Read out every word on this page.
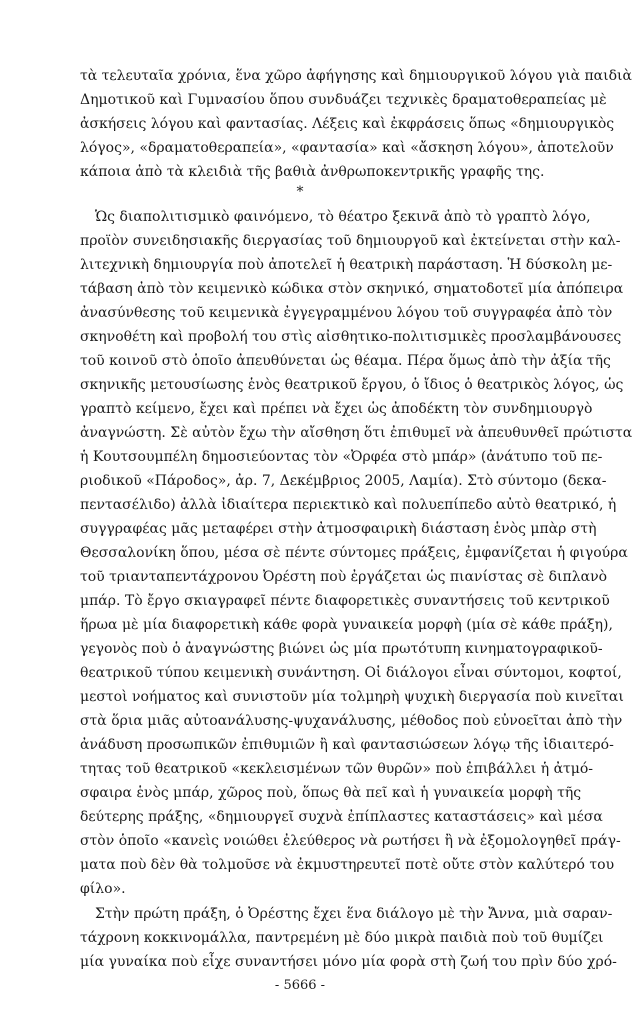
τὰ τελευταῖα χρόνια, ἕνα χῶρο ἀφήγησης καὶ δημιουργικοῦ λόγου γιὰ παιδιὰ
Δημοτικοῦ καὶ Γυμνασίου ὅπου συνδυάζει τεχνικὲς δραματοθεραπείας μὲ
ἀσκήσεις λόγου καὶ φαντασίας. Λέξεις καὶ ἐκφράσεις ὅπως «δημιουργικὸς
λόγος», «δραματοθεραπεία», «φαντασία» καὶ «ἄσκηση λόγου», ἀποτελοῦν
κάποια ἀπὸ τὰ κλειδιὰ τῆς βαθιὰ ἀνθρωποκεντρικῆς γραφῆς της.
*
Ὡς διαπολιτισμικὸ φαινόμενο, τὸ θέατρο ξεκινᾶ ἀπὸ τὸ γραπτὸ λόγο,
προϊὸν συνειδησιακῆς διεργασίας τοῦ δημιουργοῦ καὶ ἐκτείνεται στὴν καλ-
λιτεχνικὴ δημιουργία ποὺ ἀποτελεῖ ἡ θεατρικὴ παράσταση. Ἡ δύσκολη με-
τάβαση ἀπὸ τὸν κειμενικὸ κώδικα στὸν σκηνικό, σηματοδοτεῖ μία ἀπόπειρα
ἀνασύνθεσης τοῦ κειμενικὰ ἐγγεγραμμένου λόγου τοῦ συγγραφέα ἀπὸ τὸν
σκηνοθέτη καὶ προβολή του στὶς αἰσθητικο-πολιτισμικὲς προσλαμβάνουσες
τοῦ κοινοῦ στὸ ὁποῖο ἀπευθύνεται ὡς θέαμα. Πέρα ὅμως ἀπὸ τὴν ἀξία τῆς
σκηνικῆς μετουσίωσης ἑνὸς θεατρικοῦ ἔργου, ὁ ἴδιος ὁ θεατρικὸς λόγος, ὡς
γραπτὸ κείμενο, ἔχει καὶ πρέπει νὰ ἔχει ὡς ἀποδέκτη τὸν συνδημιουργὸ
ἀναγνώστη. Σὲ αὐτὸν ἔχω τὴν αἴσθηση ὅτι ἐπιθυμεῖ νὰ ἀπευθυνθεῖ πρώτιστα
ἡ Κουτσουμπέλη δημοσιεύοντας τὸν «Ὀρφέα στὸ μπάρ» (ἀνάτυπο τοῦ πε-
ριοδικοῦ «Πάροδος», ἀρ. 7, Δεκέμβριος 2005, Λαμία). Στὸ σύντομο (δεκα-
πεντασέλιδο) ἀλλὰ ἰδιαίτερα περιεκτικὸ καὶ πολυεπίπεδο αὐτὸ θεατρικό, ἡ
συγγραφέας μᾶς μεταφέρει στὴν ἀτμοσφαιρικὴ διάσταση ἑνὸς μπὰρ στὴ
Θεσσαλονίκη ὅπου, μέσα σὲ πέντε σύντομες πράξεις, ἐμφανίζεται ἡ φιγούρα
τοῦ τριανταπεντάχρονου Ὀρέστη ποὺ ἐργάζεται ὡς πιανίστας σὲ διπλανὸ
μπάρ. Τὸ ἔργο σκιαγραφεῖ πέντε διαφορετικὲς συναντήσεις τοῦ κεντρικοῦ
ἥρωα μὲ μία διαφορετικὴ κάθε φορὰ γυναικεία μορφὴ (μία σὲ κάθε πράξη),
γεγονὸς ποὺ ὁ ἀναγνώστης βιώνει ὡς μία πρωτότυπη κινηματογραφικοῦ-
θεατρικοῦ τύπου κειμενικὴ συνάντηση. Οἱ διάλογοι εἶναι σύντομοι, κοφτοί,
μεστοὶ νοήματος καὶ συνιστοῦν μία τολμηρὴ ψυχικὴ διεργασία ποὺ κινεῖται
στὰ ὅρια μιᾶς αὐτοανάλυσης-ψυχανάλυσης, μέθοδος ποὺ εὐνοεῖται ἀπὸ τὴν
ἀνάδυση προσωπικῶν ἐπιθυμιῶν ἢ καὶ φαντασιώσεων λόγῳ τῆς ἰδιαιτερό-
τητας τοῦ θεατρικοῦ «κεκλεισμένων τῶν θυρῶν» ποὺ ἐπιβάλλει ἡ ἀτμό-
σφαιρα ἑνὸς μπάρ, χῶρος ποὺ, ὅπως θὰ πεῖ καὶ ἡ γυναικεία μορφὴ τῆς
δεύτερης πράξης, «δημιουργεῖ συχνὰ ἐπίπλαστες καταστάσεις» καὶ μέσα
στὸν ὁποῖο «κανεὶς νοιώθει ἐλεύθερος νὰ ρωτήσει ἢ νὰ ἐξομολογηθεῖ πράγ-
ματα ποὺ δὲν θὰ τολμοῦσε νὰ ἐκμυστηρευτεῖ ποτὲ οὔτε στὸν καλύτερό του
φίλο».
Στὴν πρώτη πράξη, ὁ Ὀρέστης ἔχει ἕνα διάλογο μὲ τὴν Ἄννα, μιὰ σαραν-
τάχρονη κοκκινομάλλα, παντρεμένη μὲ δύο μικρὰ παιδιὰ ποὺ τοῦ θυμίζει
μία γυναίκα ποὺ εἶχε συναντήσει μόνο μία φορὰ στὴ ζωή του πρὶν δύο χρό-
- 5666 -
